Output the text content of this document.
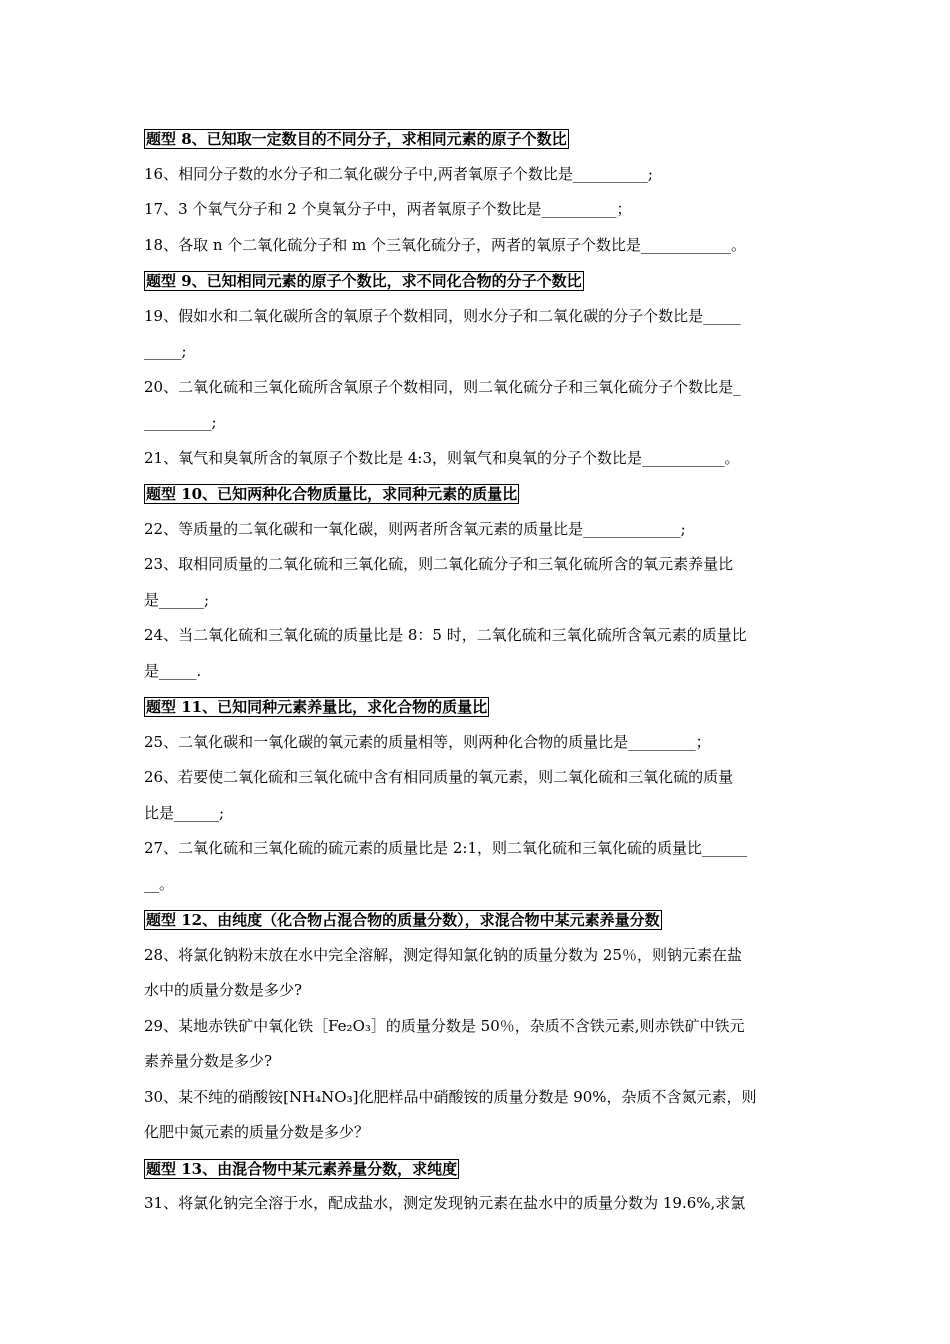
题型 8、已知取一定数目的不同分子，求相同元素的原子个数比

16、相同分子数的水分子和二氧化碳分子中,两者氧原子个数比是__________;

17、3 个氧气分子和 2 个臭氧分子中，两者氧原子个数比是__________；

18、各取 n 个二氧化硫分子和 m 个三氧化硫分子，两者的氧原子个数比是____________。

题型 9、已知相同元素的原子个数比，求不同化合物的分子个数比

19、假如水和二氧化碳所含的氧原子个数相同，则水分子和二氧化碳的分子个数比是_____

_____;

20、二氧化硫和三氧化硫所含氧原子个数相同，则二氧化硫分子和三氧化硫分子个数比是_

_________;

21、氧气和臭氧所含的氧原子个数比是 4:3，则氧气和臭氧的分子个数比是___________。

题型 10、已知两种化合物质量比，求同种元素的质量比

22、等质量的二氧化碳和一氧化碳，则两者所含氧元素的质量比是_____________;

23、取相同质量的二氧化硫和三氧化硫，则二氧化硫分子和三氧化硫所含的氧元素养量比

是______;

24、当二氧化硫和三氧化硫的质量比是 8：5 时，二氧化硫和三氧化硫所含氧元素的质量比

是_____.

题型 11、已知同种元素养量比，求化合物的质量比

25、二氧化碳和一氧化碳的氧元素的质量相等，则两种化合物的质量比是_________；

26、若要使二氧化硫和三氧化硫中含有相同质量的氧元素，则二氧化硫和三氧化硫的质量

比是______;

27、二氧化硫和三氧化硫的硫元素的质量比是 2:1，则二氧化硫和三氧化硫的质量比______

__。

题型 12、由纯度（化合物占混合物的质量分数），求混合物中某元素养量分数

28、将氯化钠粉末放在水中完全溶解，测定得知氯化钠的质量分数为 25％，则钠元素在盐

水中的质量分数是多少?

29、某地赤铁矿中氧化铁［Fe₂O₃］的质量分数是 50％，杂质不含铁元素,则赤铁矿中铁元

素养量分数是多少?

30、某不纯的硝酸铵[NH₄NO₃]化肥样品中硝酸铵的质量分数是 90%，杂质不含氮元素，则

化肥中氮元素的质量分数是多少？

题型 13、由混合物中某元素养量分数，求纯度

31、将氯化钠完全溶于水，配成盐水，测定发现钠元素在盐水中的质量分数为 19.6%,求氯
